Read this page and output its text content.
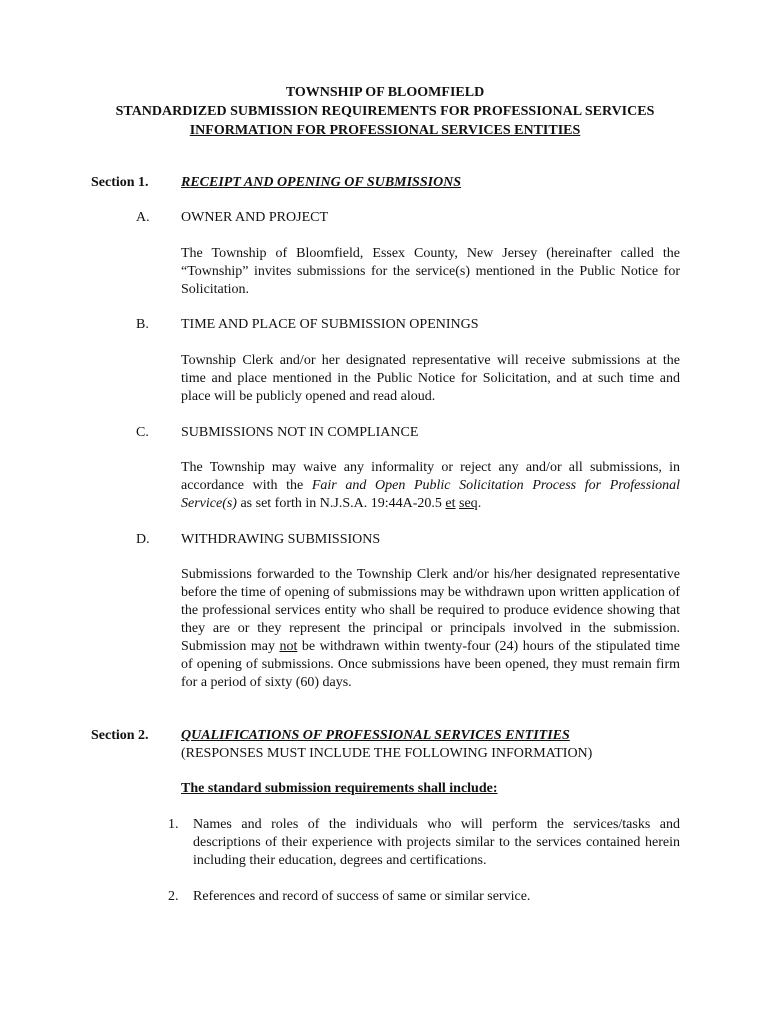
TOWNSHIP OF BLOOMFIELD
STANDARDIZED SUBMISSION REQUIREMENTS FOR PROFESSIONAL SERVICES
INFORMATION FOR PROFESSIONAL SERVICES ENTITIES
Section 1. RECEIPT AND OPENING OF SUBMISSIONS
A. OWNER AND PROJECT
The Township of Bloomfield, Essex County, New Jersey (hereinafter called the “Township” invites submissions for the service(s) mentioned in the Public Notice for Solicitation.
B. TIME AND PLACE OF SUBMISSION OPENINGS
Township Clerk and/or her designated representative will receive submissions at the time and place mentioned in the Public Notice for Solicitation, and at such time and place will be publicly opened and read aloud.
C. SUBMISSIONS NOT IN COMPLIANCE
The Township may waive any informality or reject any and/or all submissions, in accordance with the Fair and Open Public Solicitation Process for Professional Service(s) as set forth in N.J.S.A. 19:44A-20.5 et seq.
D. WITHDRAWING SUBMISSIONS
Submissions forwarded to the Township Clerk and/or his/her designated representative before the time of opening of submissions may be withdrawn upon written application of the professional services entity who shall be required to produce evidence showing that they are or they represent the principal or principals involved in the submission. Submission may not be withdrawn within twenty-four (24) hours of the stipulated time of opening of submissions. Once submissions have been opened, they must remain firm for a period of sixty (60) days.
Section 2. QUALIFICATIONS OF PROFESSIONAL SERVICES ENTITIES
(RESPONSES MUST INCLUDE THE FOLLOWING INFORMATION)
The standard submission requirements shall include:
1. Names and roles of the individuals who will perform the services/tasks and descriptions of their experience with projects similar to the services contained herein including their education, degrees and certifications.
2. References and record of success of same or similar service.
